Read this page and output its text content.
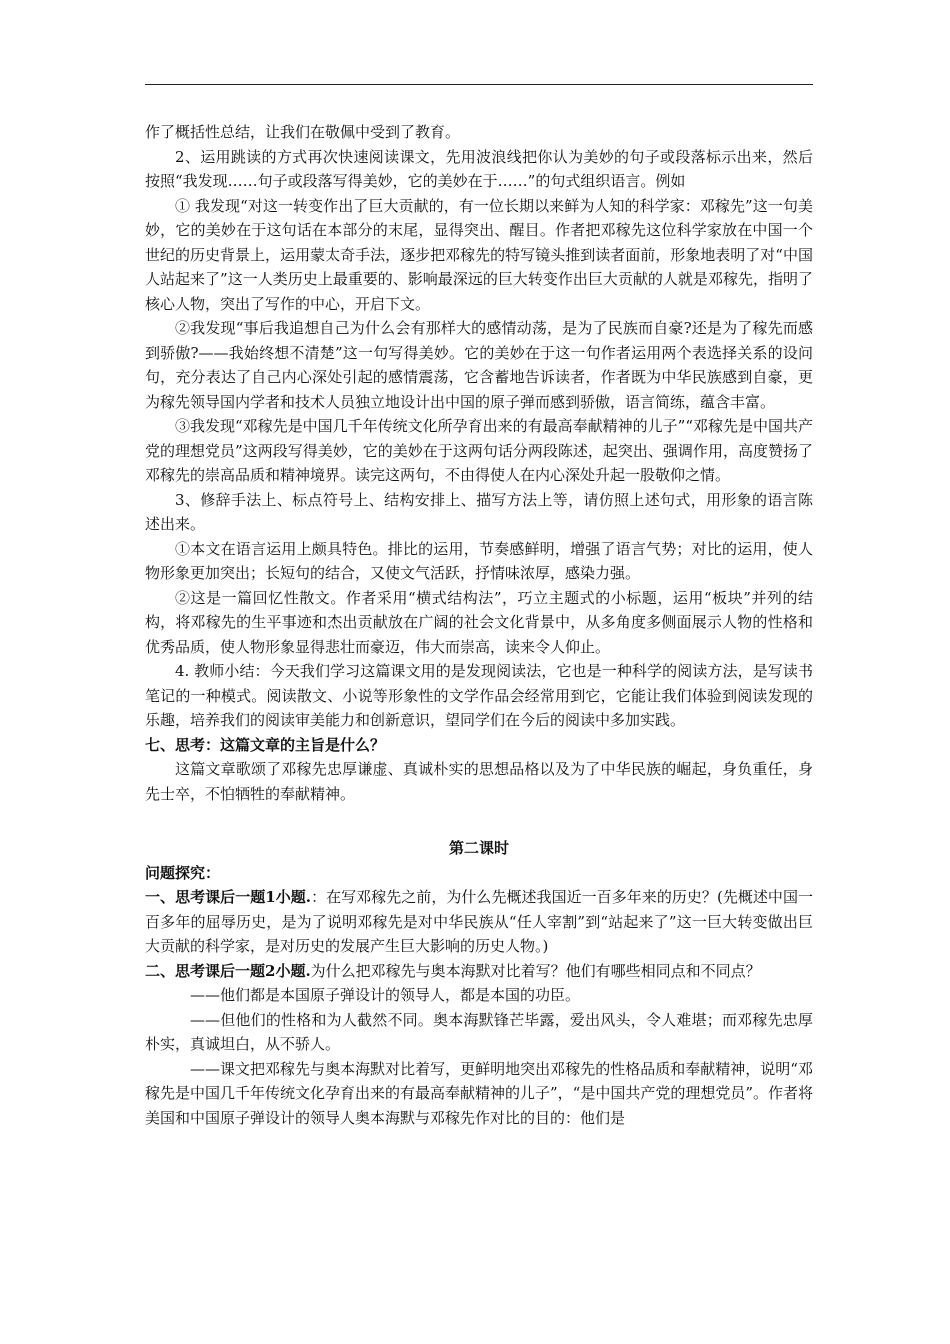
作了概括性总结，让我们在敬佩中受到了教育。

2、运用跳读的方式再次快速阅读课文，先用波浪线把你认为美妙的句子或段落标示出来，然后按照“我发现……句子或段落写得美妙，它的美妙在于……”的句式组织语言。例如

① 我发现“对这一转变作出了巨大贡献的，有一位长期以来鲜为人知的科学家：邓稼先”这一句美妙，它的美妙在于这句话在本部分的末尾，显得突出、醒目。作者把邓稼先这位科学家放在中国一个世纪的历史背景上，运用蒙太奇手法，逐步把邓稼先的特写镜头推到读者面前，形象地表明了对“中国人站起来了”这一人类历史上最重要的、影响最深远的巨大转变作出巨大贡献的人就是邓稼先，指明了核心人物，突出了写作的中心，开启下文。

②我发现“事后我追想自己为什么会有那样大的感情动荡，是为了民族而自豪?还是为了稼先而感到骄傲?——我始终想不清楚”这一句写得美妙。它的美妙在于这一句作者运用两个表选择关系的设问句，充分表达了自己内心深处引起的感情震荡，它含蓄地告诉读者，作者既为中华民族感到自豪，更为稼先领导国内学者和技术人员独立地设计出中国的原子弹而感到骄傲，语言简练，蕴含丰富。

③我发现“邓稼先是中国几千年传统文化所孕育出来的有最高奉献精神的儿子”“邓稼先是中国共产党的理想党员”这两段写得美妙，它的美妙在于这两句话分两段陈述，起突出、强调作用，高度赞扬了邓稼先的崇高品质和精神境界。读完这两句，不由得使人在内心深处升起一股敬仰之情。

3、修辞手法上、标点符号上、结构安排上、描写方法上等，请仿照上述句式，用形象的语言陈述出来。

①本文在语言运用上颇具特色。排比的运用，节奏感鲜明，增强了语言气势；对比的运用，使人物形象更加突出；长短句的结合，又使文气活跃，抒情味浓厚，感染力强。

②这是一篇回忆性散文。作者采用“横式结构法”，巧立主题式的小标题，运用“板块”并列的结构，将邓稼先的生平事迹和杰出贡献放在广阔的社会文化背景中，从多角度多侧面展示人物的性格和优秀品质，使人物形象显得悲壮而豪迈，伟大而崇高，读来令人仰止。

4. 教师小结：今天我们学习这篇课文用的是发现阅读法，它也是一种科学的阅读方法，是写读书笔记的一种模式。阅读散文、小说等形象性的文学作品会经常用到它，它能让我们体验到阅读发现的乐趣，培养我们的阅读审美能力和创新意识，望同学们在今后的阅读中多加实践。

七、思考：这篇文章的主旨是什么？

这篇文章歌颂了邓稼先忠厚谦虚、真诚朴实的思想品格以及为了中华民族的崛起，身负重任，身先士卒，不怕牺牲的奉献精神。

第二课时

问题探究：

一、思考课后一题1小题.：在写邓稼先之前，为什么先概述我国近一百多年来的历史？(先概述中国一百多年的屈辱历史，是为了说明邓稼先是对中华民族从“任人宰割”到“站起来了”这一巨大转变做出巨大贡献的科学家，是对历史的发展产生巨大影响的历史人物。)

二、思考课后一题2小题.为什么把邓稼先与奥本海默对比着写？他们有哪些相同点和不同点？

——他们都是本国原子弹设计的领导人，都是本国的功臣。

——但他们的性格和为人截然不同。奥本海默锋芒毕露，爱出风头，令人难堪；而邓稼先忠厚朴实，真诚坦白，从不骄人。

——课文把邓稼先与奥本海默对比着写，更鲜明地突出邓稼先的性格品质和奉献精神，说明“邓稼先是中国几千年传统文化孕育出来的有最高奉献精神的儿子”，“是中国共产党的理想党员”。作者将美国和中国原子弹设计的领导人奥本海默与邓稼先作对比的目的：他们是
